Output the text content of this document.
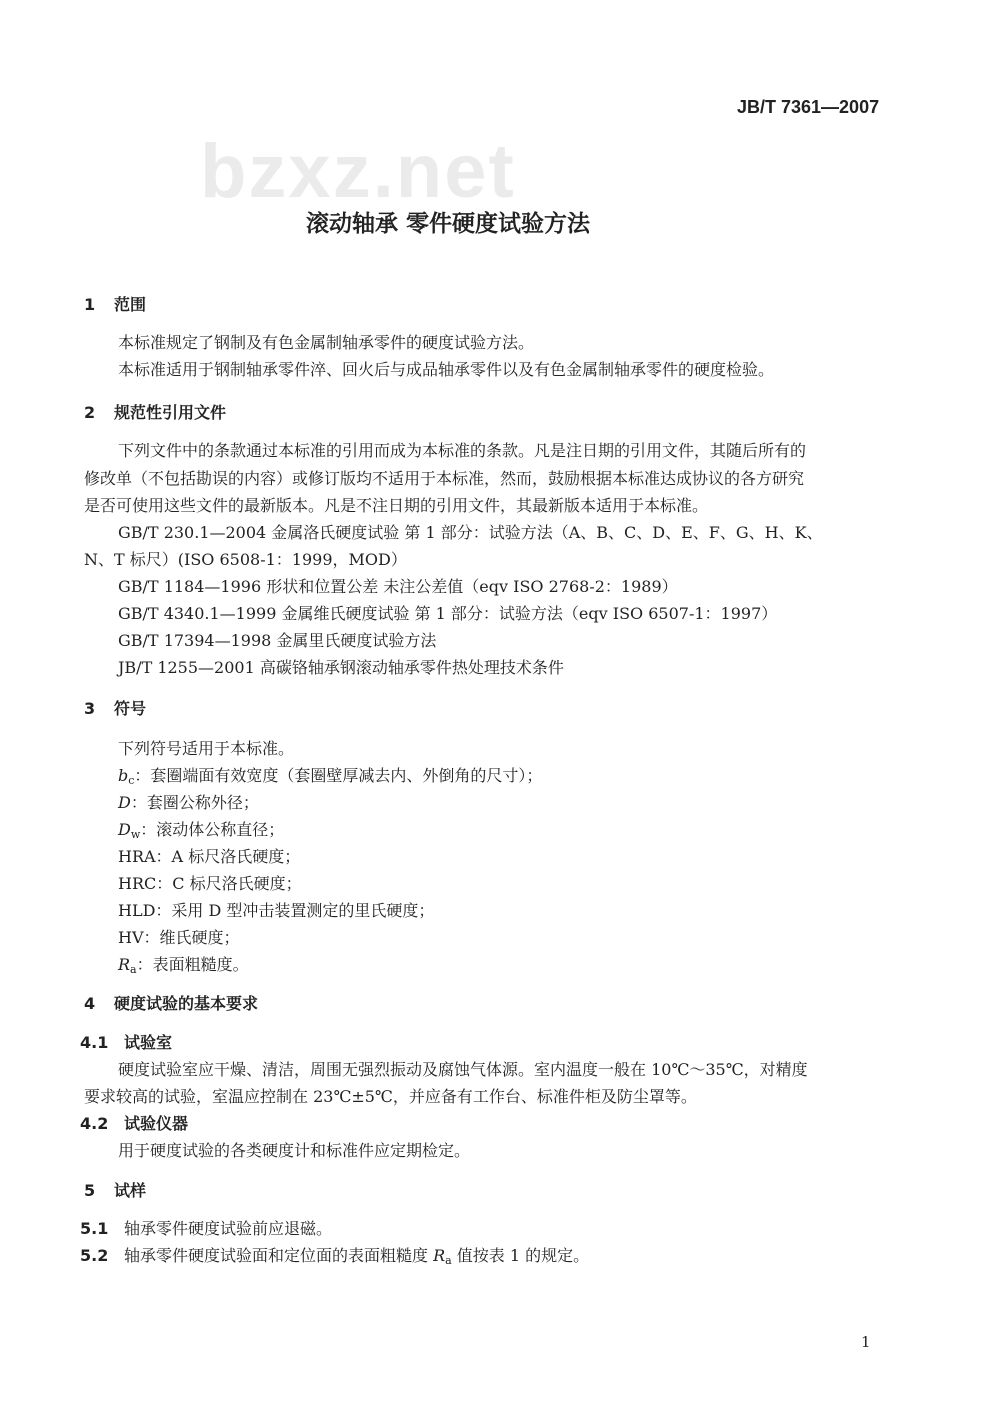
JB/T 7361—2007
bzxz.net
滚动轴承 零件硬度试验方法
1 范围
本标准规定了钢制及有色金属制轴承零件的硬度试验方法。
本标准适用于钢制轴承零件淬、回火后与成品轴承零件以及有色金属制轴承零件的硬度检验。
2 规范性引用文件
下列文件中的条款通过本标准的引用而成为本标准的条款。凡是注日期的引用文件，其随后所有的
修改单（不包括勘误的内容）或修订版均不适用于本标准，然而，鼓励根据本标准达成协议的各方研究
是否可使用这些文件的最新版本。凡是不注日期的引用文件，其最新版本适用于本标准。
GB/T 230.1—2004 金属洛氏硬度试验 第 1 部分：试验方法（A、B、C、D、E、F、G、H、K、
N、T 标尺）(ISO 6508-1：1999，MOD）
GB/T 1184—1996 形状和位置公差 未注公差值（eqv ISO 2768-2：1989）
GB/T 4340.1—1999 金属维氏硬度试验 第 1 部分：试验方法（eqv ISO 6507-1：1997）
GB/T 17394—1998 金属里氏硬度试验方法
JB/T 1255—2001 高碳铬轴承钢滚动轴承零件热处理技术条件
3 符号
下列符号适用于本标准。
$b_c$：套圈端面有效宽度（套圈壁厚减去内、外倒角的尺寸）；
D：套圈公称外径；
$D_w$：滚动体公称直径；
HRA：A 标尺洛氏硬度；
HRC：C 标尺洛氏硬度；
HLD：采用 D 型冲击装置测定的里氏硬度；
HV：维氏硬度；
$R_a$：表面粗糙度。
4 硬度试验的基本要求
4.1 试验室
硬度试验室应干燥、清洁，周围无强烈振动及腐蚀气体源。室内温度一般在 10℃～35℃，对精度
要求较高的试验，室温应控制在 23℃±5℃，并应备有工作台、标准件柜及防尘罩等。
4.2 试验仪器
用于硬度试验的各类硬度计和标准件应定期检定。
5 试样
5.1 轴承零件硬度试验前应退磁。
5.2 轴承零件硬度试验面和定位面的表面粗糙度 $R_a$ 值按表 1 的规定。
1
